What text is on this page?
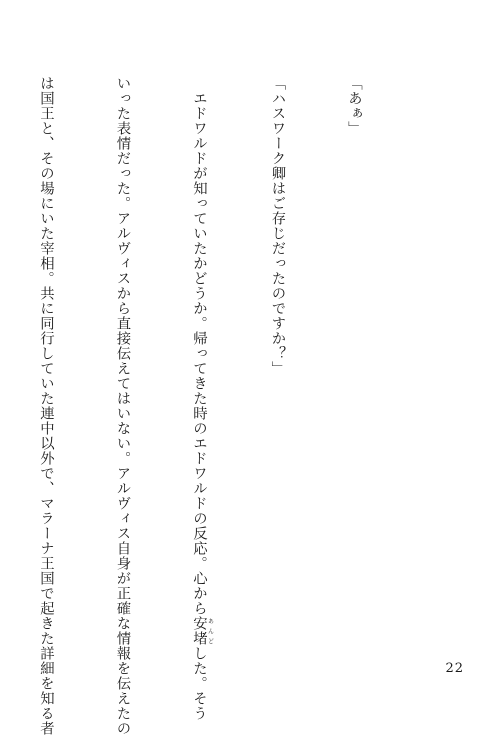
「あぁ」

「ハスワーク卿はご存じだったのですか？」

　エドワルドが知っていたかどうか。帰ってきた時のエドワルドの反応。心から安堵 あんどした。そう

いった表情だった。アルヴィスから直接伝えてはいない。アルヴィス自身が正確な情報を伝えたの

は国王と、その場にいた宰相。共に同行していた連中以外で、マラーナ王国で起きた詳細を知る者

	22
